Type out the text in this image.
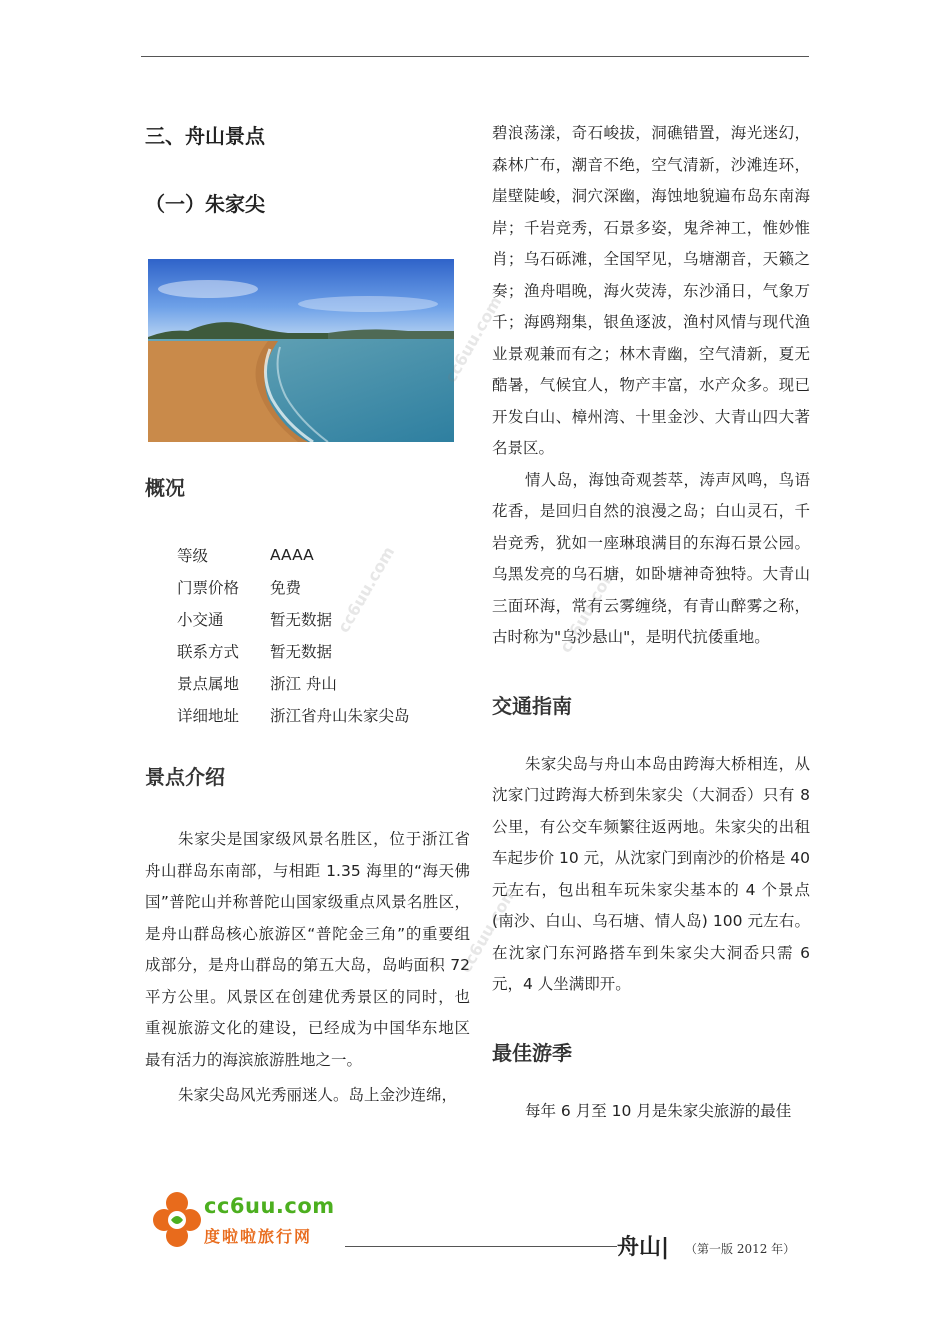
三、舟山景点
（一）朱家尖
概况
等级	AAAA
门票价格	免费
小交通	暂无数据
联系方式	暂无数据
景点属地	浙江 舟山
详细地址	浙江省舟山朱家尖岛
景点介绍

朱家尖是国家级风景名胜区，位于浙江省舟山群岛东南部，与相距 1.35 海里的“海天佛国”普陀山并称普陀山国家级重点风景名胜区，是舟山群岛核心旅游区“普陀金三角”的重要组成部分，是舟山群岛的第五大岛，岛屿面积 72 平方公里。风景区在创建优秀景区的同时，也重视旅游文化的建设，已经成为中国华东地区最有活力的海滨旅游胜地之一。

朱家尖岛风光秀丽迷人。岛上金沙连绵，

碧浪荡漾，奇石峻拔，洞礁错置，海光迷幻，森林广布，潮音不绝，空气清新，沙滩连环，崖壁陡峻，洞穴深幽，海蚀地貌遍布岛东南海岸；千岩竞秀，石景多姿，鬼斧神工，惟妙惟肖；乌石砾滩，全国罕见，乌塘潮音，天籁之奏；渔舟唱晚，海火荧涛，东沙涌日，气象万千；海鸥翔集，银鱼逐波，渔村风情与现代渔业景观兼而有之；林木青幽，空气清新，夏无酷暑，气候宜人，物产丰富，水产众多。现已开发白山、樟州湾、十里金沙、大青山四大著名景区。

情人岛，海蚀奇观荟萃，涛声风鸣，鸟语花香，是回归自然的浪漫之岛；白山灵石，千岩竞秀，犹如一座琳琅满目的东海石景公园。乌黑发亮的乌石塘，如卧塘神奇独特。大青山三面环海，常有云雾缠绕，有青山醉雾之称，古时称为"乌沙悬山"，是明代抗倭重地。

交通指南

朱家尖岛与舟山本岛由跨海大桥相连，从沈家门过跨海大桥到朱家尖（大洞岙）只有 8 公里，有公交车频繁往返两地。朱家尖的出租车起步价 10 元，从沈家门到南沙的价格是 40 元左右，包出租车玩朱家尖基本的 4 个景点(南沙、白山、乌石塘、情人岛) 100 元左右。在沈家门东河路搭车到朱家尖大洞岙只需 6 元，4 人坐满即开。

最佳游季

每年 6 月至 10 月是朱家尖旅游的最佳

cc6uu.com
cc6uu.com	cc6uu.com
cc6uu.com
cc6uu.com
度啦啦旅行网	舟山| （第一版 2012 年）
